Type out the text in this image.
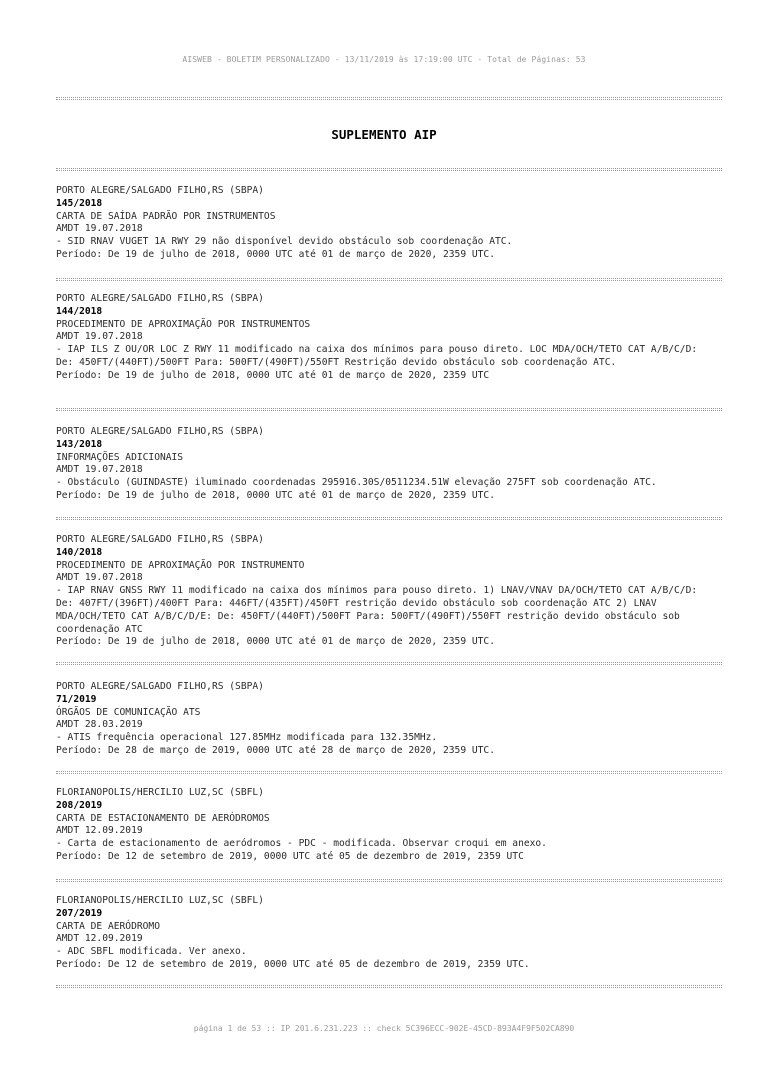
AISWEB - BOLETIM PERSONALIZADO - 13/11/2019 às 17:19:00 UTC - Total de Páginas: 53
SUPLEMENTO AIP
PORTO ALEGRE/SALGADO FILHO,RS (SBPA)
145/2018
CARTA DE SAÍDA PADRÃO POR INSTRUMENTOS
AMDT 19.07.2018
- SID RNAV VUGET 1A RWY 29 não disponível devido obstáculo sob coordenação ATC.
Período: De 19 de julho de 2018, 0000 UTC até 01 de março de 2020, 2359 UTC.
PORTO ALEGRE/SALGADO FILHO,RS (SBPA)
144/2018
PROCEDIMENTO DE APROXIMAÇÃO POR INSTRUMENTOS
AMDT 19.07.2018
- IAP ILS Z OU/OR LOC Z RWY 11 modificado na caixa dos mínimos para pouso direto. LOC MDA/OCH/TETO CAT A/B/C/D: De: 450FT/(440FT)/500FT Para: 500FT/(490FT)/550FT Restrição devido obstáculo sob coordenação ATC.
Período: De 19 de julho de 2018, 0000 UTC até 01 de março de 2020, 2359 UTC
PORTO ALEGRE/SALGADO FILHO,RS (SBPA)
143/2018
INFORMAÇÕES ADICIONAIS
AMDT 19.07.2018
- Obstáculo (GUINDASTE) iluminado coordenadas 295916.30S/0511234.51W elevação 275FT sob coordenação ATC.
Período: De 19 de julho de 2018, 0000 UTC até 01 de março de 2020, 2359 UTC.
PORTO ALEGRE/SALGADO FILHO,RS (SBPA)
140/2018
PROCEDIMENTO DE APROXIMAÇÃO POR INSTRUMENTO
AMDT 19.07.2018
- IAP RNAV GNSS RWY 11 modificado na caixa dos mínimos para pouso direto. 1) LNAV/VNAV DA/OCH/TETO CAT A/B/C/D: De: 407FT/(396FT)/400FT Para: 446FT/(435FT)/450FT restrição devido obstáculo sob coordenação ATC 2) LNAV MDA/OCH/TETO CAT A/B/C/D/E: De: 450FT/(440FT)/500FT Para: 500FT/(490FT)/550FT restrição devido obstáculo sob coordenação ATC
Período: De 19 de julho de 2018, 0000 UTC até 01 de março de 2020, 2359 UTC.
PORTO ALEGRE/SALGADO FILHO,RS (SBPA)
71/2019
ÓRGÃOS DE COMUNICAÇÃO ATS
AMDT 28.03.2019
- ATIS frequência operacional 127.85MHz modificada para 132.35MHz.
Período: De 28 de março de 2019, 0000 UTC até 28 de março de 2020, 2359 UTC.
FLORIANOPOLIS/HERCILIO LUZ,SC (SBFL)
208/2019
CARTA DE ESTACIONAMENTO DE AERÓDROMOS
AMDT 12.09.2019
- Carta de estacionamento de aeródromos - PDC - modificada. Observar croqui em anexo.
Período: De 12 de setembro de 2019, 0000 UTC até 05 de dezembro de 2019, 2359 UTC
FLORIANOPOLIS/HERCILIO LUZ,SC (SBFL)
207/2019
CARTA DE AERÓDROMO
AMDT 12.09.2019
- ADC SBFL modificada. Ver anexo.
Período: De 12 de setembro de 2019, 0000 UTC até 05 de dezembro de 2019, 2359 UTC.
página 1 de 53 :: IP 201.6.231.223 :: check 5C396ECC-902E-45CD-893A4F9F502CA890
